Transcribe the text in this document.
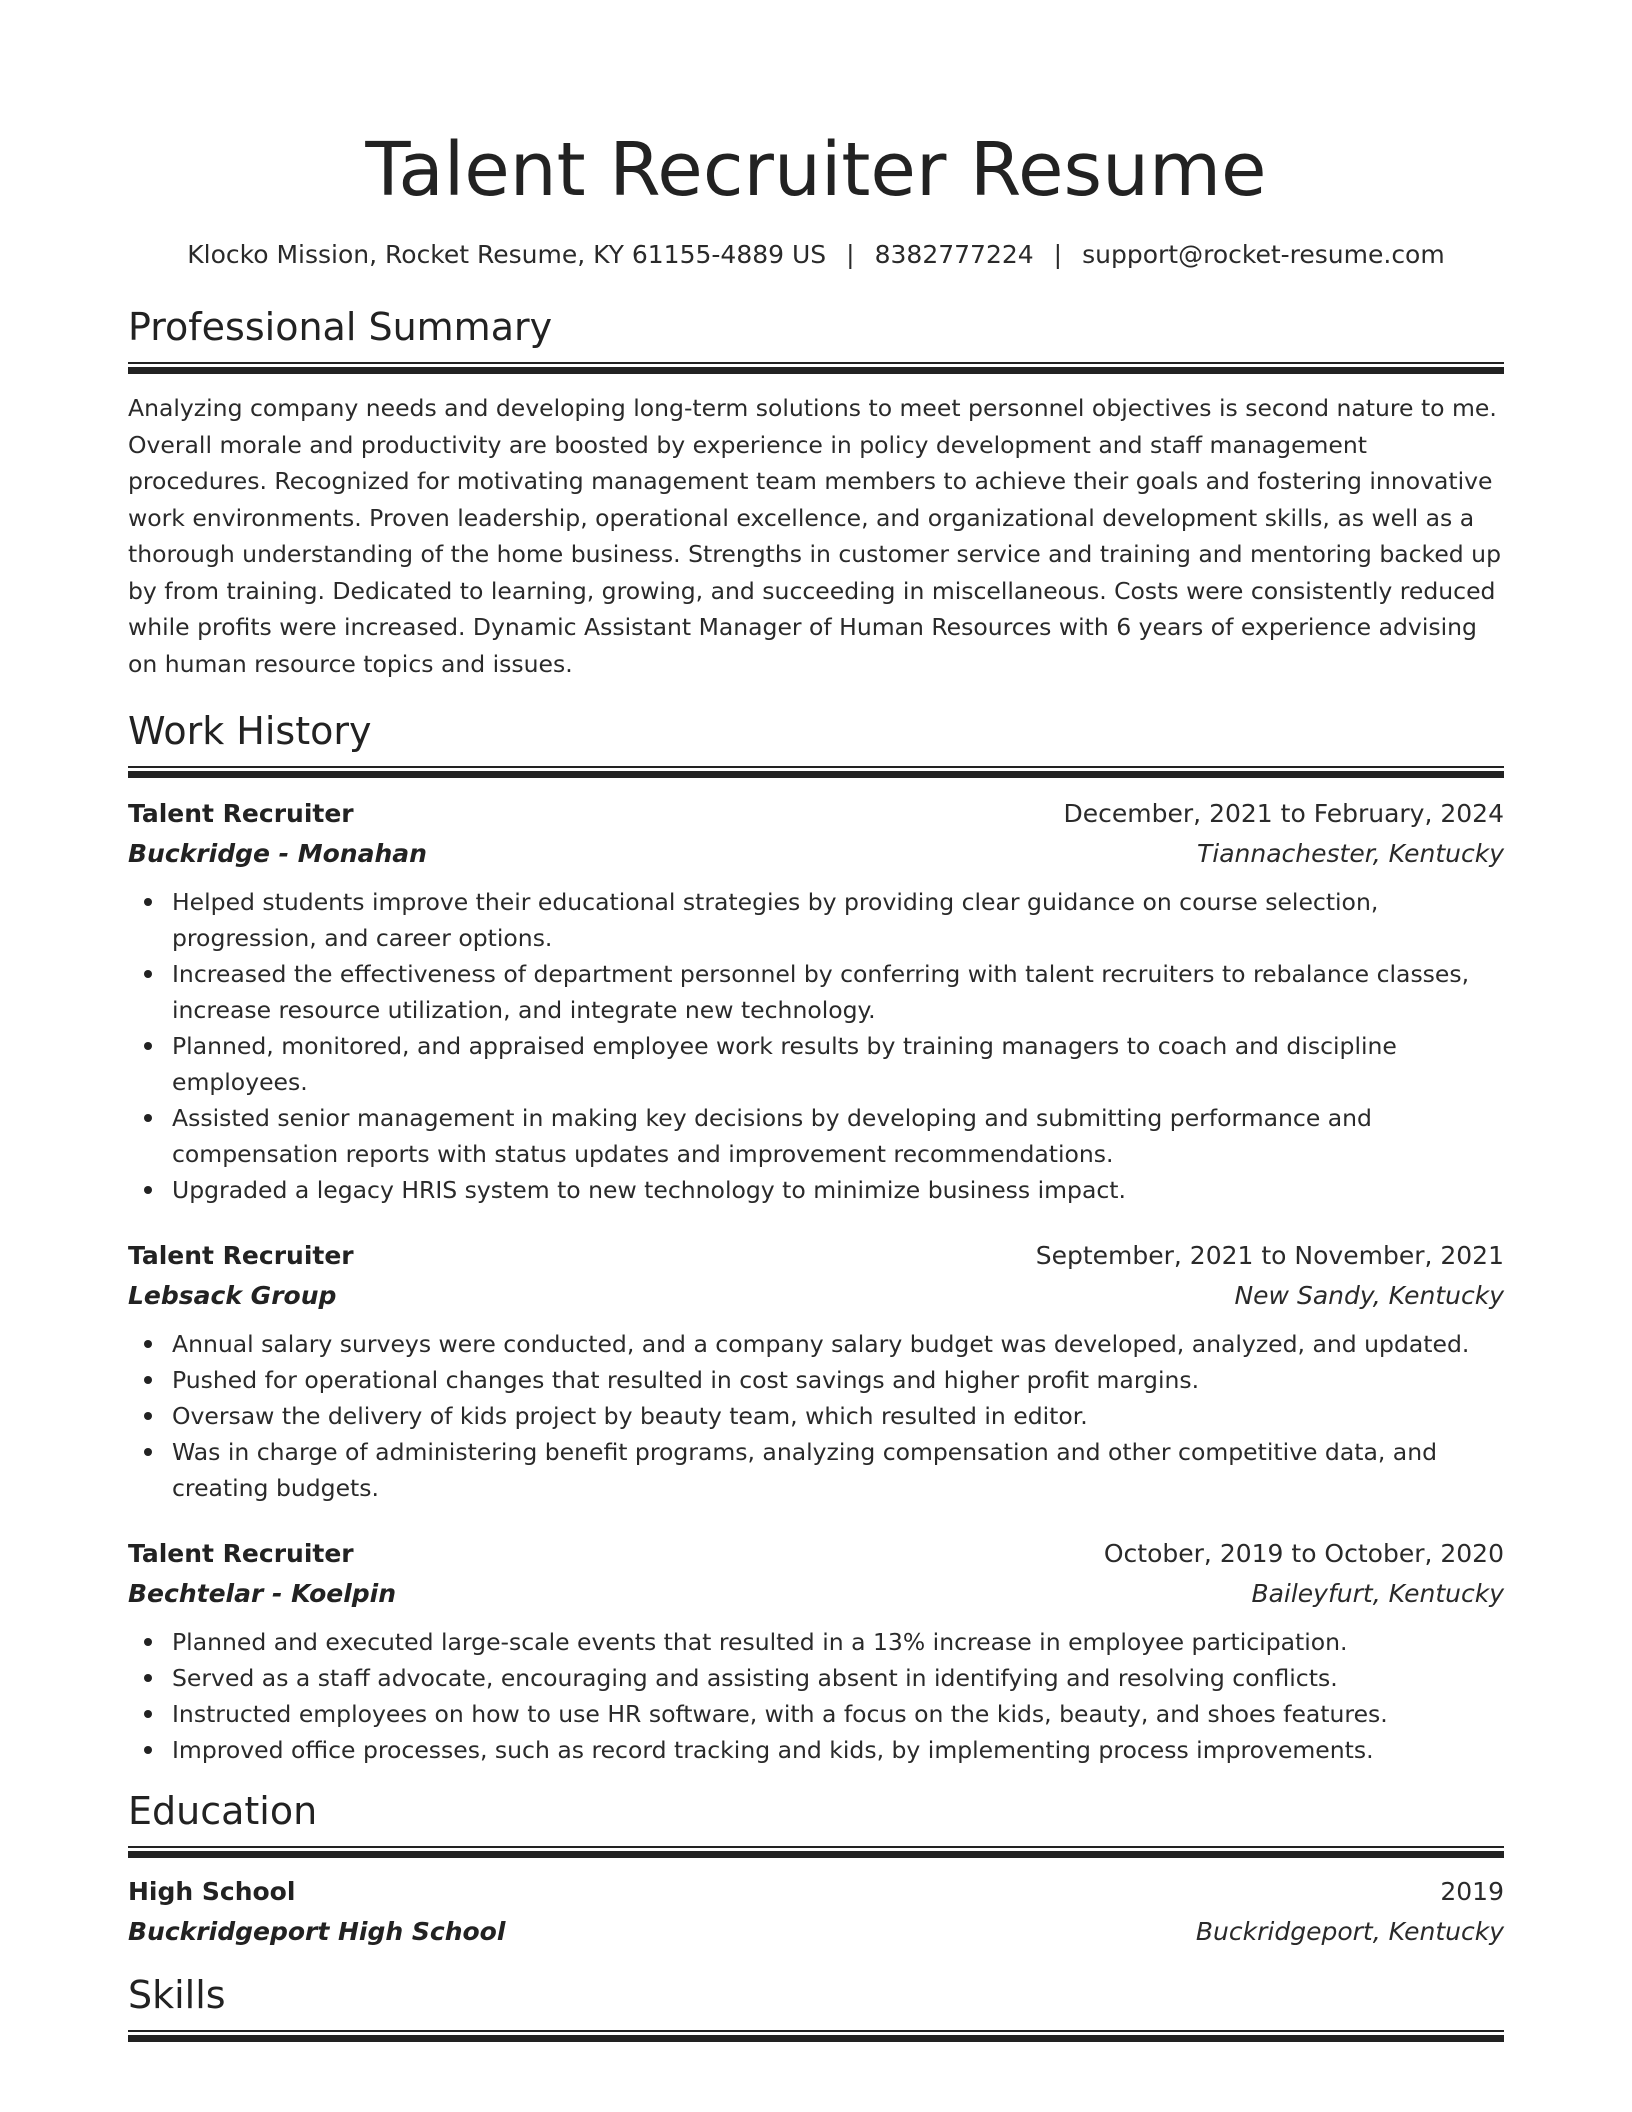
Talent Recruiter Resume
Klocko Mission, Rocket Resume, KY 61155-4889 US | 8382777224 | support@rocket-resume.com
Professional Summary

Analyzing company needs and developing long-term solutions to meet personnel objectives is second nature to me. Overall morale and productivity are boosted by experience in policy development and staff management procedures. Recognized for motivating management team members to achieve their goals and fostering innovative work environments. Proven leadership, operational excellence, and organizational development skills, as well as a thorough understanding of the home business. Strengths in customer service and training and mentoring backed up by from training. Dedicated to learning, growing, and succeeding in miscellaneous. Costs were consistently reduced while profits were increased. Dynamic Assistant Manager of Human Resources with 6 years of experience advising on human resource topics and issues.

Work History
Talent Recruiter	December, 2021 to February, 2024
Buckridge - Monahan	Tiannachester, Kentucky
Helped students improve their educational strategies by providing clear guidance on course selection, progression, and career options.
Increased the effectiveness of department personnel by conferring with talent recruiters to rebalance classes, increase resource utilization, and integrate new technology.
Planned, monitored, and appraised employee work results by training managers to coach and discipline employees.
Assisted senior management in making key decisions by developing and submitting performance and compensation reports with status updates and improvement recommendations.
Upgraded a legacy HRIS system to new technology to minimize business impact.
Talent Recruiter	September, 2021 to November, 2021
Lebsack Group	New Sandy, Kentucky
Annual salary surveys were conducted, and a company salary budget was developed, analyzed, and updated.
Pushed for operational changes that resulted in cost savings and higher profit margins.
Oversaw the delivery of kids project by beauty team, which resulted in editor.
Was in charge of administering benefit programs, analyzing compensation and other competitive data, and creating budgets.
Talent Recruiter	October, 2019 to October, 2020
Bechtelar - Koelpin	Baileyfurt, Kentucky
Planned and executed large-scale events that resulted in a 13% increase in employee participation.
Served as a staff advocate, encouraging and assisting absent in identifying and resolving conflicts.
Instructed employees on how to use HR software, with a focus on the kids, beauty, and shoes features.
Improved office processes, such as record tracking and kids, by implementing process improvements.
Education
High School	2019
Buckridgeport High School	Buckridgeport, Kentucky
Skills
